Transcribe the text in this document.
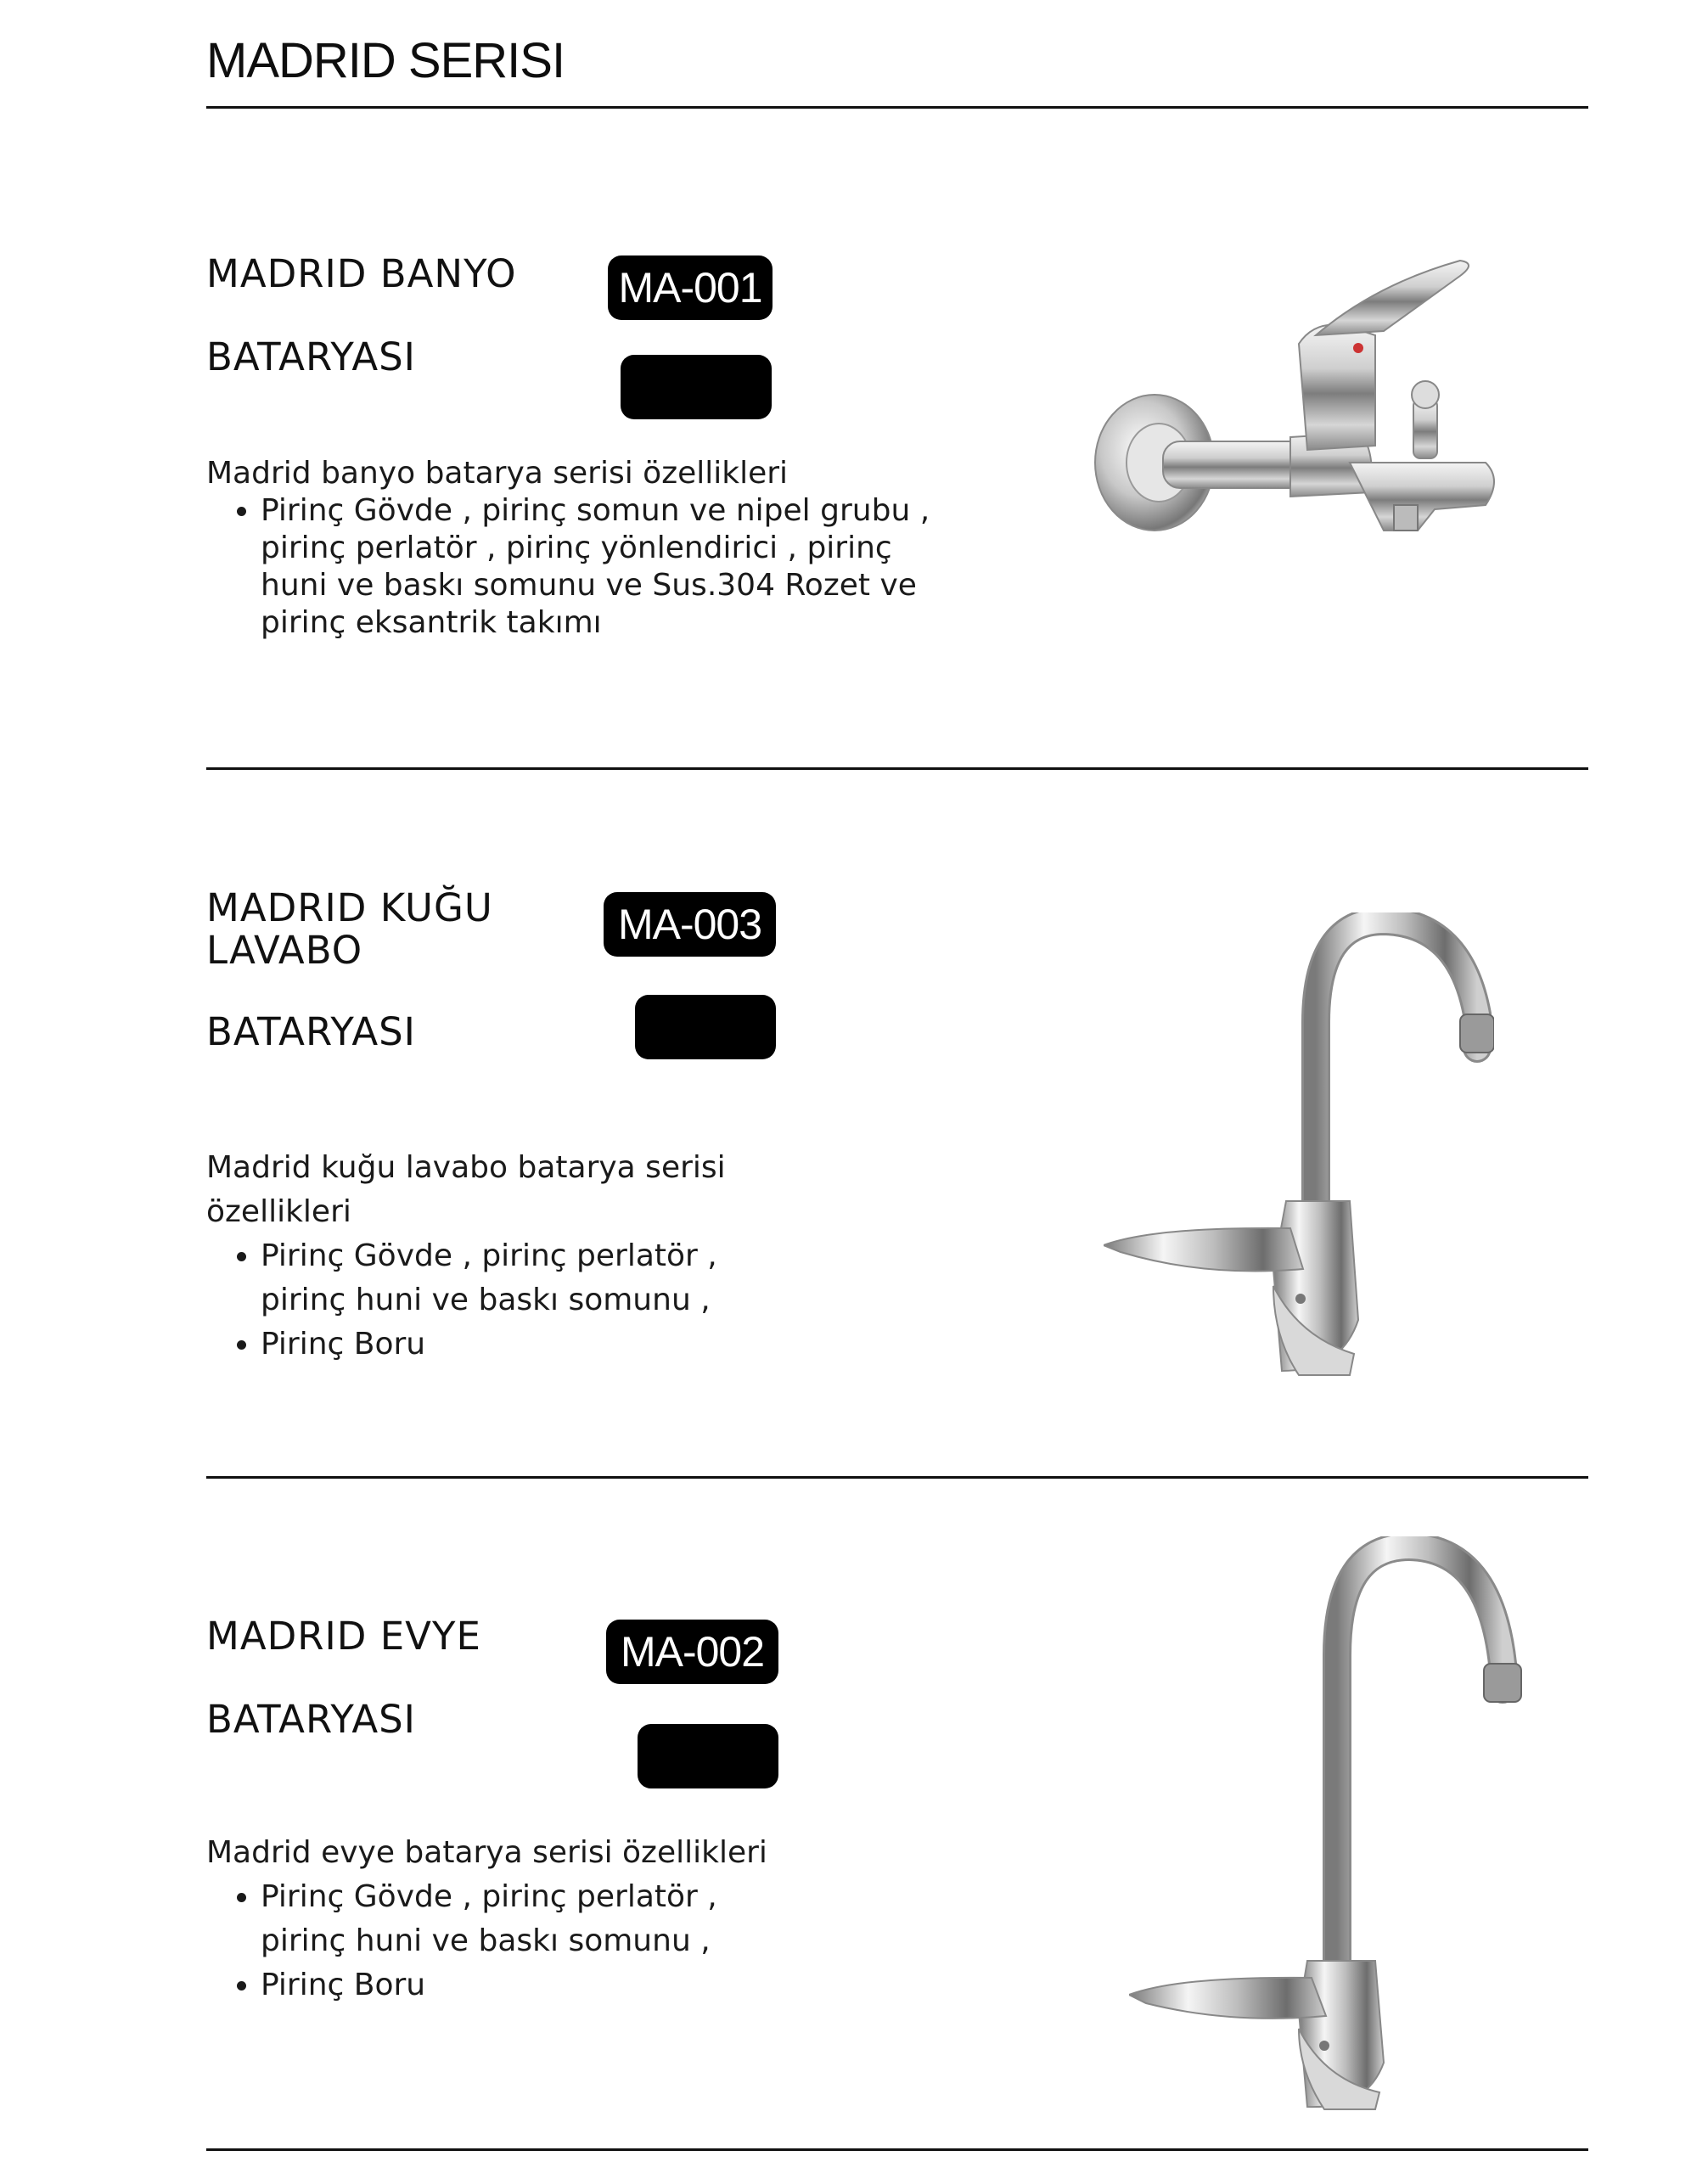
MADRID SERISI
MADRID BANYO
BATARYASI
MA-001

Madrid banyo batarya serisi özellikleri

• Pirinç Gövde , pirinç somun ve nipel grubu , pirinç perlatör , pirinç yönlendirici , pirinç huni ve baskı somunu ve Sus.304 Rozet ve pirinç eksantrik takımı
MADRID KUĞU
LAVABO
BATARYASI
MA-003

Madrid kuğu lavabo batarya serisi özellikleri

• Pirinç Gövde , pirinç perlatör , pirinç huni ve baskı somunu ,
• Pirinç Boru
MADRID EVYE
BATARYASI
MA-002

Madrid evye batarya serisi özellikleri

• Pirinç Gövde , pirinç perlatör , pirinç huni ve baskı somunu ,
• Pirinç Boru
